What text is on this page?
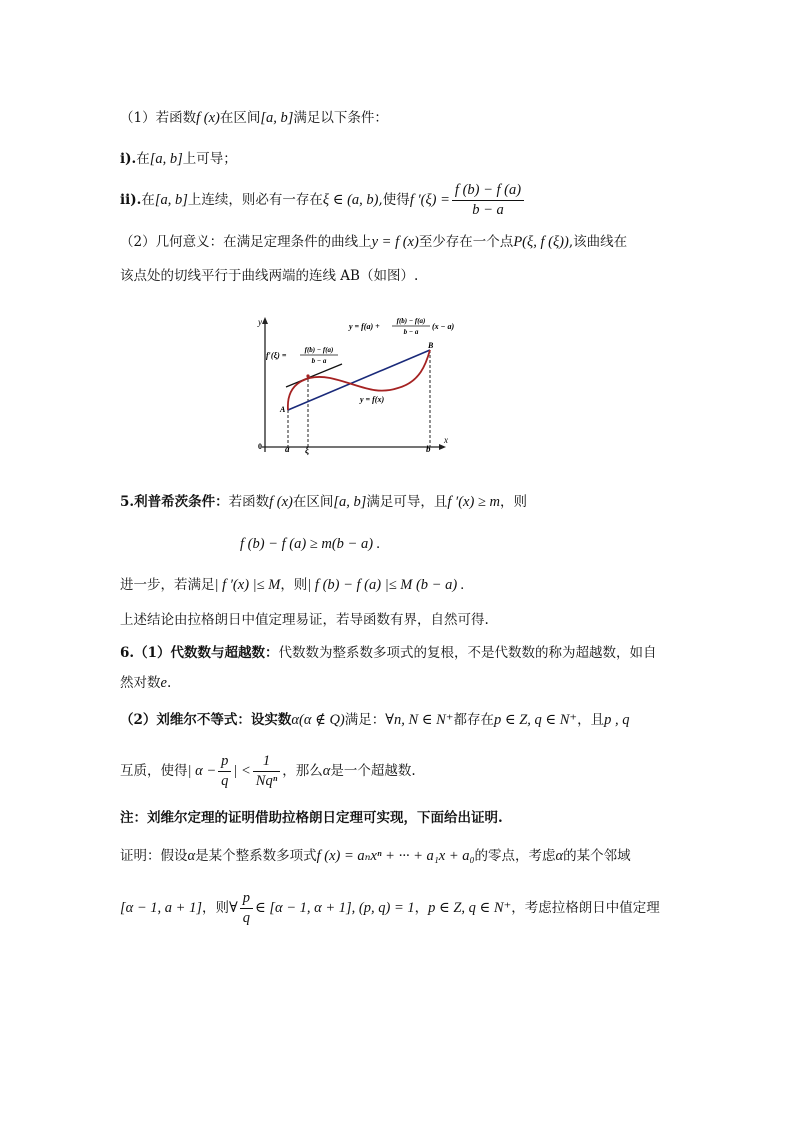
（1）若函数f (x)在区间[a, b]满足以下条件：
i).在[a, b]上可导；
ii).在[a, b]上连续，则必有一存在ξ ∈ (a, b),使得f $'(\xi) = \frac{f (b) - f (a)}{b - a}$
（2）几何意义：在满足定理条件的曲线上y = f (x)至少存在一个点P(ξ, f (ξ)),该曲线在
该点处的切线平行于曲线两端的连线 AB（如图）.
y = f(a) +
f(b) − f(a)
b − a
(x − a)
f′(ξ) =
f(b) − f(a)
b − a
y = f(x)
y
x
0	a ξ	b
A
B
5.利普希茨条件：若函数f (x)在区间[a, b]满足可导，且f ′(x) ≥ m，则
f (b) − f (a) ≥ m(b − a) .
进一步，若满足| f ′(x) |≤ M，则| f (b) − f (a) |≤ M (b − a) .
上述结论由拉格朗日中值定理易证，若导函数有界，自然可得.
6.（1）代数数与超越数：代数数为整系数多项式的复根，不是代数数的称为超越数，如自
然对数e.
（2）刘维尔不等式：设实数α(α ∉ Q)满足：∀n, N ∈ N⁺都存在p ∈ Z, q ∈ N⁺，且p , q
互质，使得| $\alpha - \frac{p}{q}$ | < $\frac{1}{\text{Nqⁿ}}$ ，那么α是一个超越数.
注：刘维尔定理的证明借助拉格朗日定理可实现，下面给出证明.
证明：假设α是某个整系数多项式f (x) = aₙxⁿ + ··· + a₁x + a₀的零点，考虑α的某个邻域
[α − 1, a + 1]，则∀ $\frac{p}{q}$ ∈ [α − 1, α + 1], (p, q) = 1，p ∈ Z, q ∈ N⁺，考虑拉格朗日中值定理
